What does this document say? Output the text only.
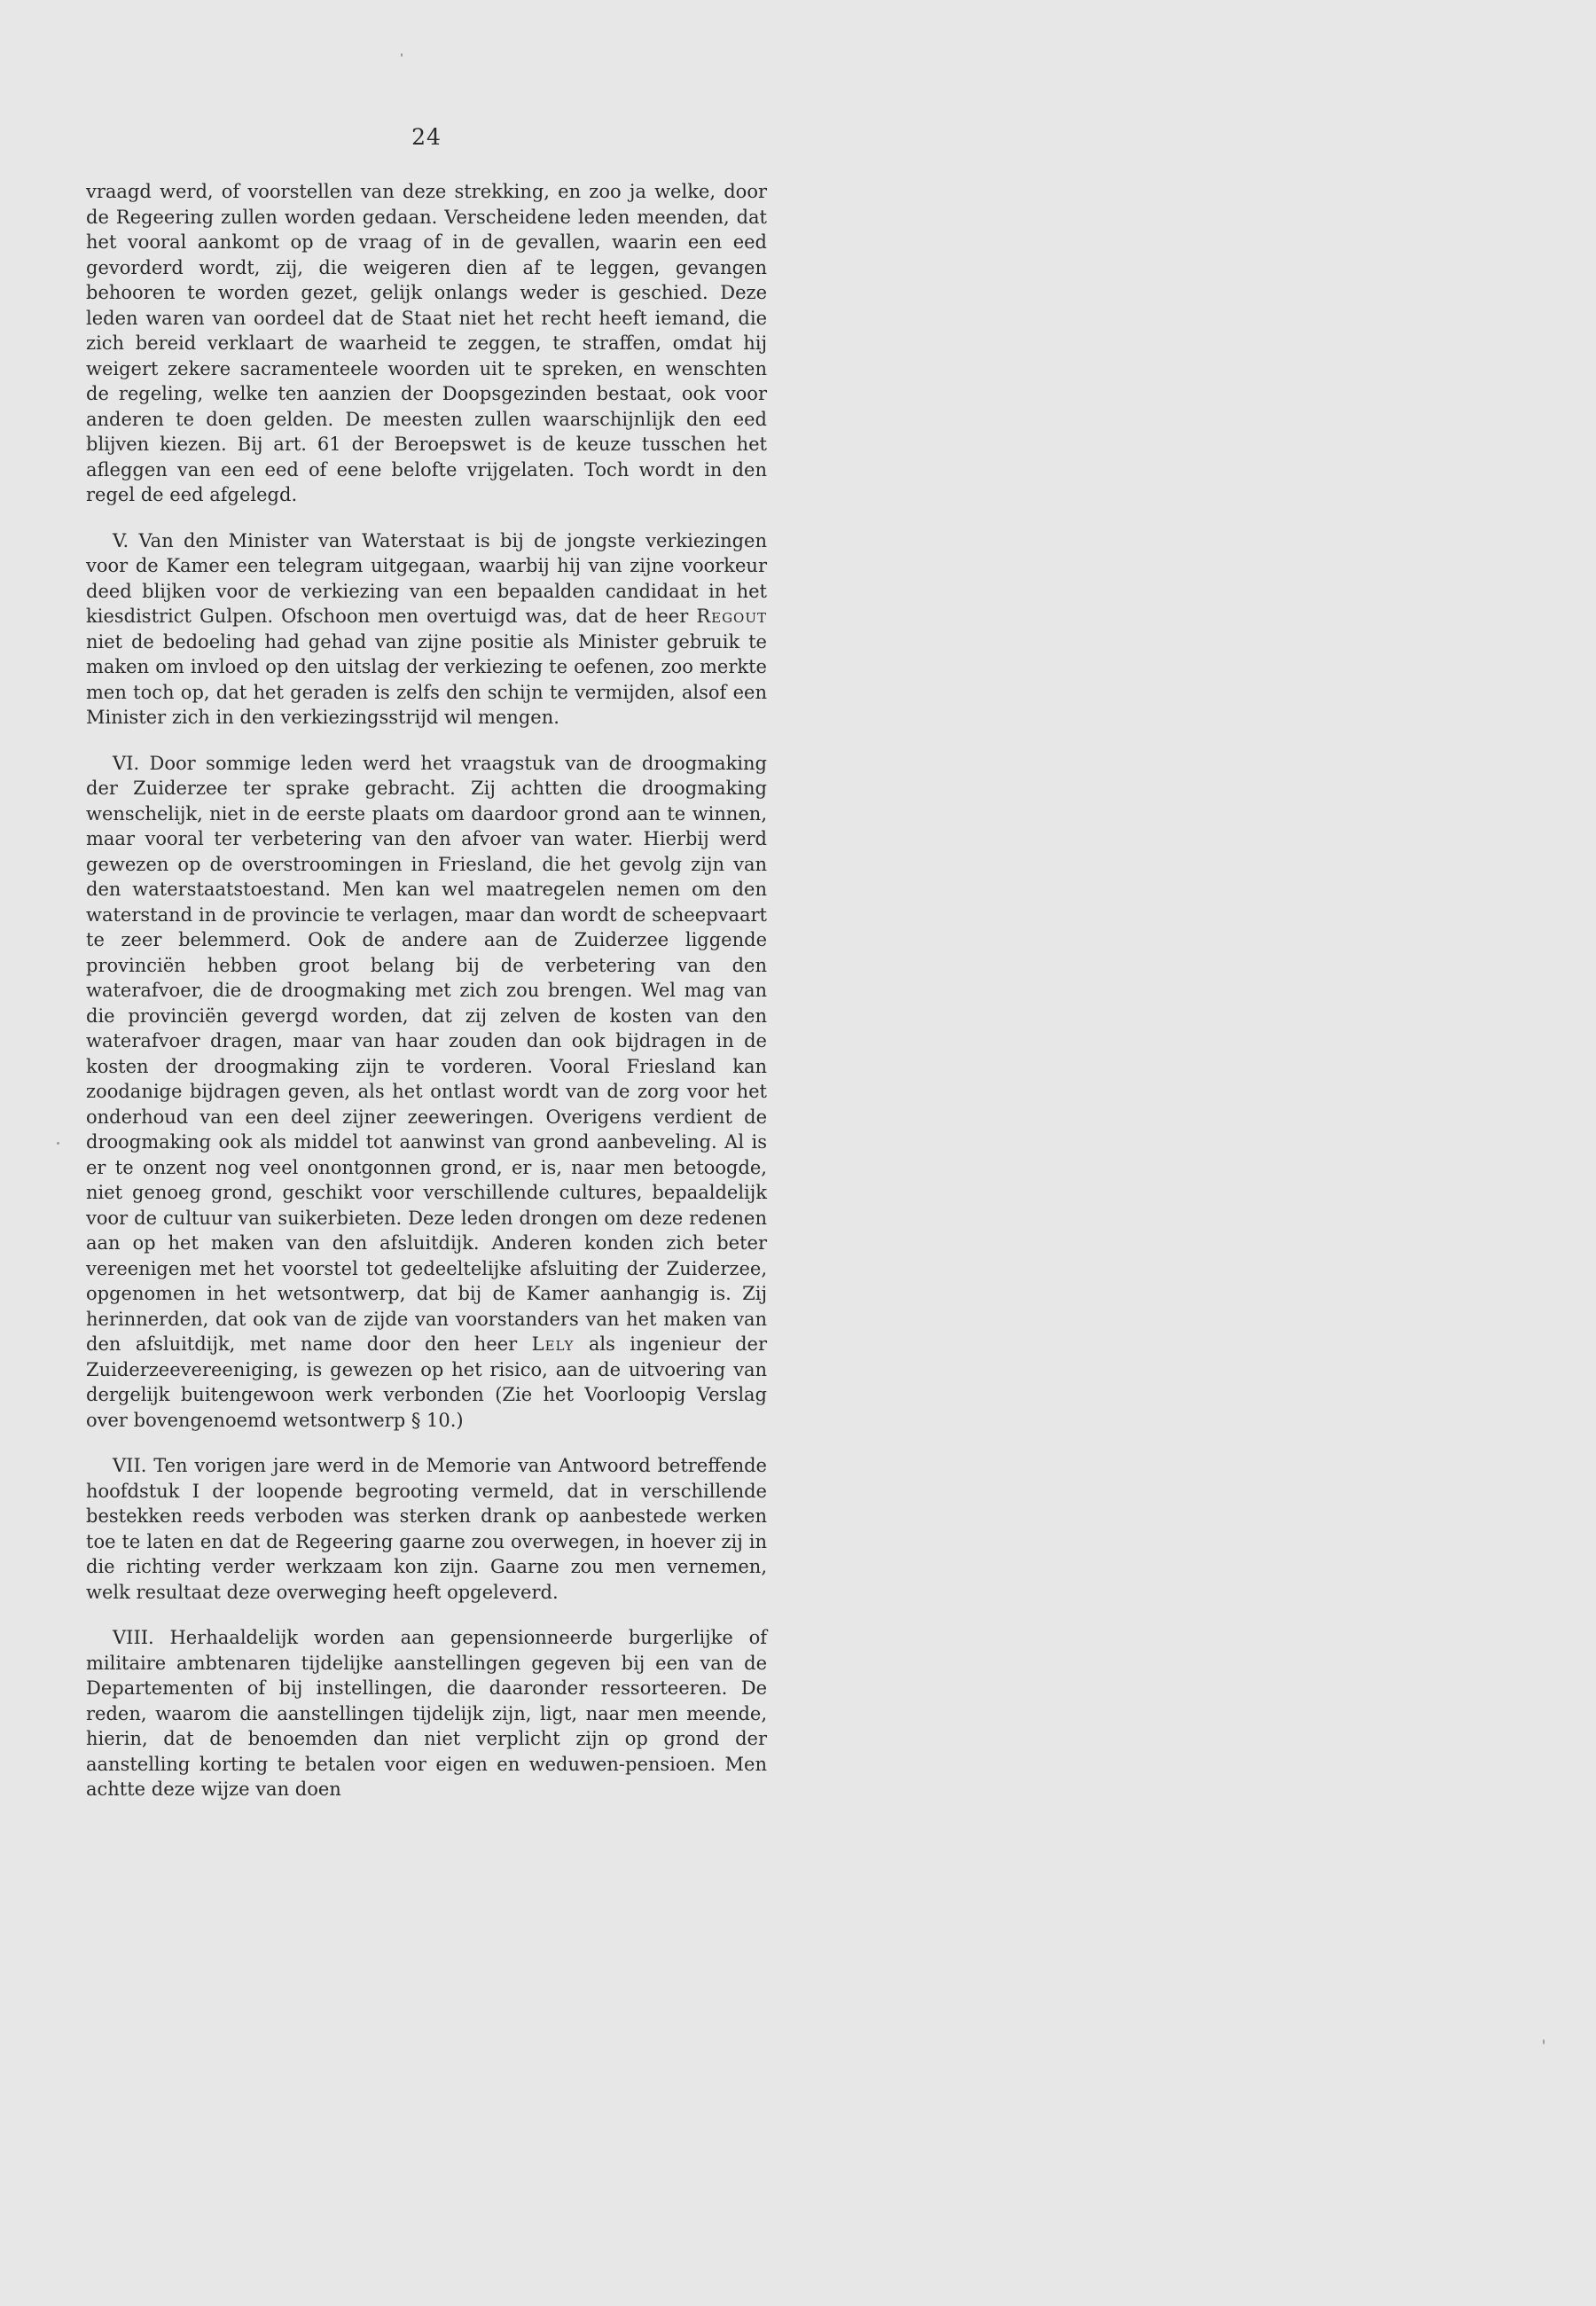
24

vraagd werd, of voorstellen van deze strekking, en zoo ja welke, door de Regeering zullen worden gedaan. Verscheidene leden meenden, dat het vooral aankomt op de vraag of in de gevallen, waarin een eed gevorderd wordt, zij, die weigeren dien af te leggen, gevangen behooren te worden gezet, gelijk onlangs weder is geschied. Deze leden waren van oordeel dat de Staat niet het recht heeft iemand, die zich bereid verklaart de waarheid te zeggen, te straffen, omdat hij weigert zekere sacramenteele woorden uit te spreken, en wenschten de regeling, welke ten aanzien der Doopsgezinden bestaat, ook voor anderen te doen gelden. De meesten zullen waarschijnlijk den eed blijven kiezen. Bij art. 61 der Beroepswet is de keuze tusschen het afleggen van een eed of eene belofte vrijgelaten. Toch wordt in den regel de eed afgelegd.

V. Van den Minister van Waterstaat is bij de jongste verkiezingen voor de Kamer een telegram uitgegaan, waarbij hij van zijne voorkeur deed blijken voor de verkiezing van een bepaalden candidaat in het kiesdistrict Gulpen. Ofschoon men overtuigd was, dat de heer Regout niet de bedoeling had gehad van zijne positie als Minister gebruik te maken om invloed op den uitslag der verkiezing te oefenen, zoo merkte men toch op, dat het geraden is zelfs den schijn te vermijden, alsof een Minister zich in den verkiezingsstrijd wil mengen.

VI. Door sommige leden werd het vraagstuk van de droogmaking der Zuiderzee ter sprake gebracht. Zij achtten die droogmaking wenschelijk, niet in de eerste plaats om daardoor grond aan te winnen, maar vooral ter verbetering van den afvoer van water. Hierbij werd gewezen op de overstroomingen in Friesland, die het gevolg zijn van den waterstaatstoestand. Men kan wel maatregelen nemen om den waterstand in de provincie te verlagen, maar dan wordt de scheepvaart te zeer belemmerd. Ook de andere aan de Zuiderzee liggende provinciën hebben groot belang bij de verbetering van den waterafvoer, die de droogmaking met zich zou brengen. Wel mag van die provinciën gevergd worden, dat zij zelven de kosten van den waterafvoer dragen, maar van haar zouden dan ook bijdragen in de kosten der droogmaking zijn te vorderen. Vooral Friesland kan zoodanige bijdragen geven, als het ontlast wordt van de zorg voor het onderhoud van een deel zijner zeeweringen. Overigens verdient de droogmaking ook als middel tot aanwinst van grond aanbeveling. Al is er te onzent nog veel onontgonnen grond, er is, naar men betoogde, niet genoeg grond, geschikt voor verschillende cultures, bepaaldelijk voor de cultuur van suikerbieten. Deze leden drongen om deze redenen aan op het maken van den afsluitdijk. Anderen konden zich beter vereenigen met het voorstel tot gedeeltelijke afsluiting der Zuiderzee, opgenomen in het wetsontwerp, dat bij de Kamer aanhangig is. Zij herinnerden, dat ook van de zijde van voorstanders van het maken van den afsluitdijk, met name door den heer Lely als ingenieur der Zuiderzeevereeniging, is gewezen op het risico, aan de uitvoering van dergelijk buitengewoon werk verbonden (Zie het Voorloopig Verslag over bovengenoemd wetsontwerp § 10.)

VII. Ten vorigen jare werd in de Memorie van Antwoord betreffende hoofdstuk I der loopende begrooting vermeld, dat in verschillende bestekken reeds verboden was sterken drank op aanbestede werken toe te laten en dat de Regeering gaarne zou overwegen, in hoever zij in die richting verder werkzaam kon zijn. Gaarne zou men vernemen, welk resultaat deze overweging heeft opgeleverd.

VIII. Herhaaldelijk worden aan gepensionneerde burgerlijke of militaire ambtenaren tijdelijke aanstellingen gegeven bij een van de Departementen of bij instellingen, die daaronder ressorteeren. De reden, waarom die aanstellingen tijdelijk zijn, ligt, naar men meende, hierin, dat de benoemden dan niet verplicht zijn op grond der aanstelling korting te betalen voor eigen en weduwen-pensioen. Men achtte deze wijze van doen
